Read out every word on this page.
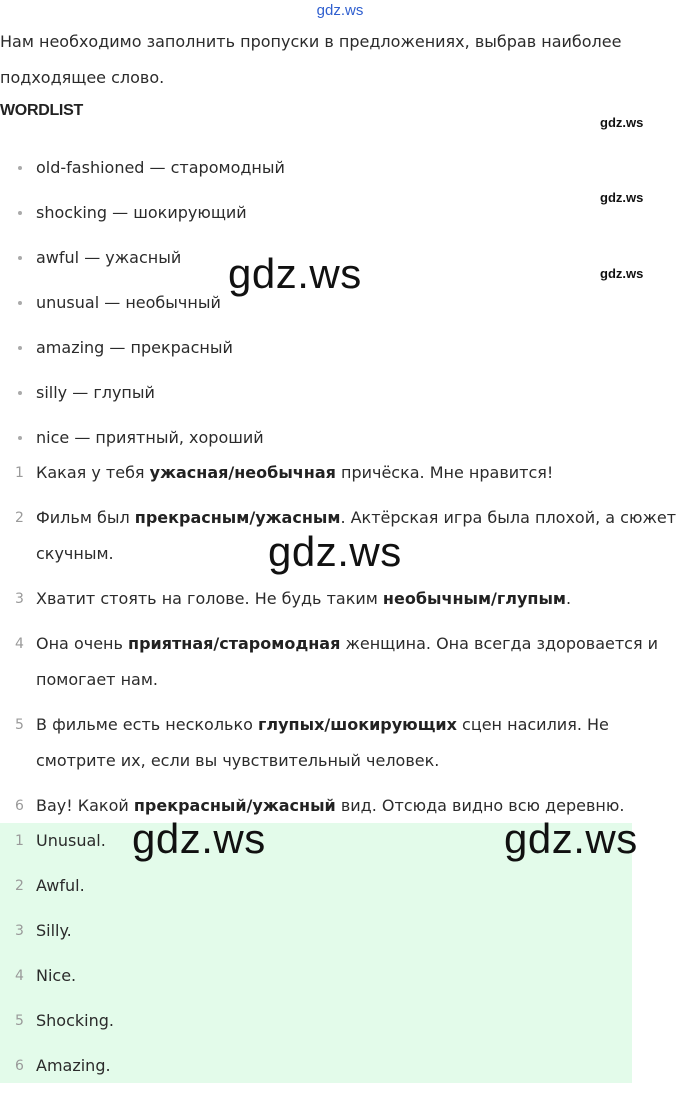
gdz.ws
Нам необходимо заполнить пропуски в предложениях, выбрав наиболее подходящее слово.
WORDLIST
old-fashioned — старомодный
shocking — шокирующий
awful — ужасный
unusual — необычный
amazing — прекрасный
silly — глупый
nice — приятный, хороший
1 Какая у тебя ужасная/необычная причёска. Мне нравится!
2 Фильм был прекрасным/ужасным. Актёрская игра была плохой, а сюжет скучным.
3 Хватит стоять на голове. Не будь таким необычным/глупым.
4 Она очень приятная/старомодная женщина. Она всегда здоровается и помогает нам.
5 В фильме есть несколько глупых/шокирующих сцен насилия. Не смотрите их, если вы чувствительный человек.
6 Вау! Какой прекрасный/ужасный вид. Отсюда видно всю деревню.
1 Unusual.
2 Awful.
3 Silly.
4 Nice.
5 Shocking.
6 Amazing.
gdz.ws
gdz.ws
gdz.ws
gdz.ws
gdz.ws
gdz.ws	gdz.ws
